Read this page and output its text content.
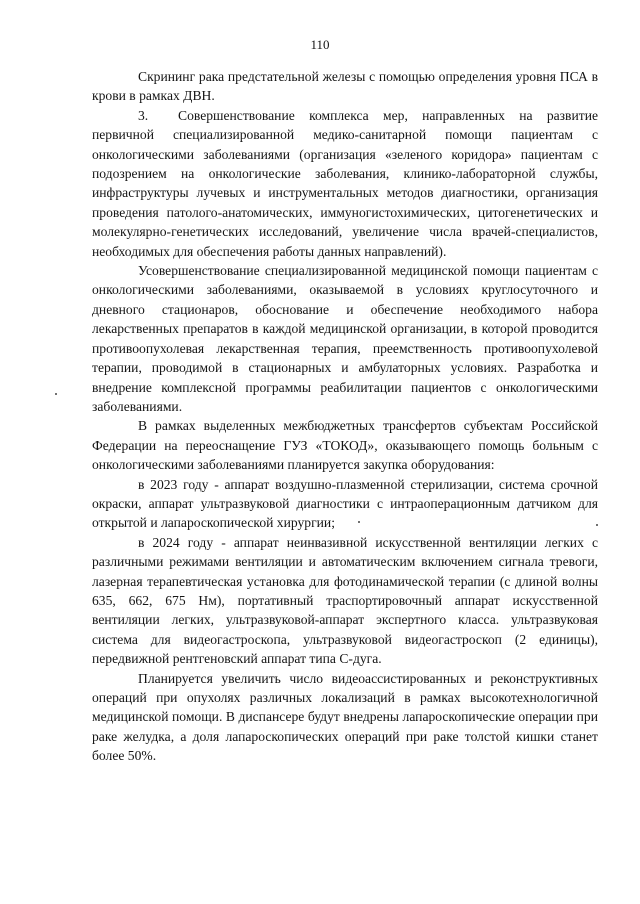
110

Скрининг рака предстательной железы с помощью определения уровня ПСА в крови в рамках ДВН.

3. Совершенствование комплекса мер, направленных на развитие первичной специализированной медико-санитарной помощи пациентам с онкологическими заболеваниями (организация «зеленого коридора» пациентам с подозрением на онкологические заболевания, клинико-лабораторной службы, инфраструктуры лучевых и инструментальных методов диагностики, организация проведения патолого-анатомических, иммуногистохимических, цитогенетических и молекулярно-генетических исследований, увеличение числа врачей-специалистов, необходимых для обеспечения работы данных направлений).

Усовершенствование специализированной медицинской помощи пациентам с онкологическими заболеваниями, оказываемой в условиях круглосуточного и дневного стационаров, обоснование и обеспечение необходимого набора лекарственных препаратов в каждой медицинской организации, в которой проводится противоопухолевая лекарственная терапия, преемственность противоопухолевой терапии, проводимой в стационарных и амбулаторных условиях. Разработка и внедрение комплексной программы реабилитации пациентов с онкологическими заболеваниями.

В рамках выделенных межбюджетных трансфертов субъектам Российской Федерации на переоснащение ГУЗ «ТОКОД», оказывающего помощь больным с онкологическими заболеваниями планируется закупка оборудования:

в 2023 году - аппарат воздушно-плазменной стерилизации, система срочной окраски, аппарат ультразвуковой диагностики с интраоперационным датчиком для открытой и лапароскопической хирургии;

в 2024 году - аппарат неинвазивной искусственной вентиляции легких с различными режимами вентиляции и автоматическим включением сигнала тревоги, лазерная терапевтическая установка для фотодинамической терапии (с длиной волны 635, 662, 675 Нм), портативный траспортировочный аппарат искусственной вентиляции легких, ультразвуковой-аппарат экспертного класса. ультразвуковая система для видеогастроскопа, ультразвуковой видеогастроскоп (2 единицы), передвижной рентгеновский аппарат типа С-дуга.

Планируется увеличить число видеоассистированных и реконструктивных операций при опухолях различных локализаций в рамках высокотехнологичной медицинской помощи. В диспансере будут внедрены лапароскопические операции при раке желудка, а доля лапароскопических операций при раке толстой кишки станет более 50%.
